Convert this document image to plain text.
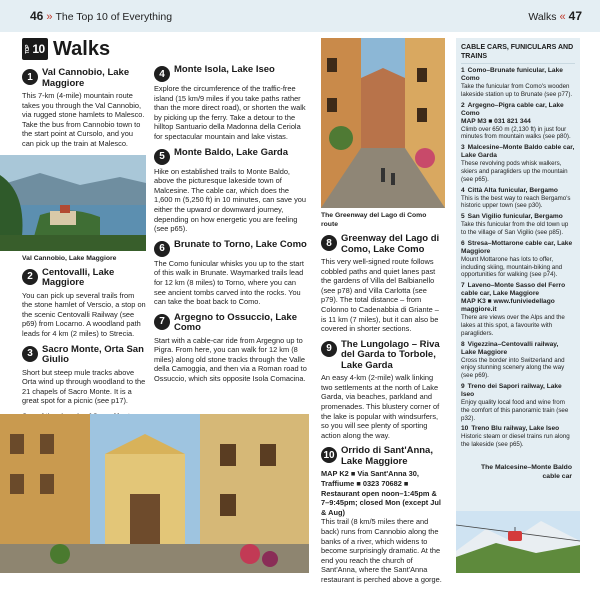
46 » The Top 10 of Everything	Walks « 47
TOP 10 Walks
1 Val Cannobio, Lake Maggiore
This 7-km (4-mile) mountain route takes you through the Val Cannobio, via rugged stone hamlets to Malesco. Take the bus from Cannobio town to the start point at Cursolo, and you can pick up the train at Malesco.
Val Cannobio, Lake Maggiore
2 Centovalli, Lake Maggiore
You can pick up several trails from the stone hamlet of Verscio, a stop on the scenic Centovalli Railway (see p69) from Locarno. A woodland path leads for 4 km (2 miles) to Strecia.
3 Sacro Monte, Orta San Giulio
Short but steep mule tracks above Orta wind up through woodland to the 21 chapels of Sacro Monte. It is a great spot for a picnic (see p17).
4 Monte Isola, Lake Iseo
Explore the circumference of the traffic-free island (15 km/9 miles if you take paths rather than the more direct road), or shorten the walk by picking up the ferry. Take a detour to the hilltop Santuario della Madonna della Ceriola for spectacular mountain and lake vistas.
5 Monte Baldo, Lake Garda
Hike on established trails to Monte Baldo, above the picturesque lakeside town of Malcesine. The cable car, which does the 1,600 m (5,250 ft) in 10 minutes, can save you either the upward or downward journey, depending on how energetic you are feeling (see p65).
6 Brunate to Torno, Lake Como
The Como funicular whisks you up to the start of this walk in Brunate. Waymarked trails lead for 12 km (8 miles) to Torno, where you can see ancient tombs carved into the rocks. You can take the boat back to Como.
7 Argegno to Ossuccio, Lake Como
Start with a cable-car ride from Argegno up to Pigra. From here, you can walk for 12 km (8 miles) along old stone tracks through the Valle della Camoggia, and then via a Roman road to Ossuccio, which sits opposite Isola Comacina.
The Greenway del Lago di Como route
8 Greenway del Lago di Como, Lake Como
This very well-signed route follows cobbled paths and quiet lanes past the gardens of Villa del Balbianello (see p78) and Villa Carlotta (see p79). The total distance – from Colonno to Cadenabbia di Griante – is 11 km (7 miles), but it can also be covered in shorter sections.
9 The Lungolago – Riva del Garda to Torbole, Lake Garda
An easy 4-km (2-mile) walk linking two settlements at the north of Lake Garda, via beaches, parkland and promenades. This blustery corner of the lake is popular with windsurfers, so you will see plenty of sporting action along the way.
10 Orrido di Sant'Anna, Lake Maggiore
MAP K2 ■ Via Sant'Anna 30, Traffiume ■ 0323 70682 ■ Restaurant open noon–1:45pm & 7–9:45pm; closed Mon (except Jul & Aug)
This trail (8 km/5 miles there and back) runs from Cannobio along the banks of a river, which widens to become surprisingly dramatic. At the end you reach the church of Sant'Anna, where the Sant'Anna restaurant is perched above a gorge.
CABLE CARS, FUNICULARS AND TRAINS
1 Como–Brunate funicular, Lake Como
Take the funicular from Como's wooden lakeside station up to Brunate (see p77).
2 Argegno–Pigra cable car, Lake Como
MAP M3 ■ 031 821 344
Climb over 650 m (2,130 ft) in just four minutes from mountain walks (see p80).
3 Malcesine–Monte Baldo cable car, Lake Garda
These revolving pods whisk walkers, skiers and paragliders up the mountain (see p65).
4 Città Alta funicular, Bergamo
This is the best way to reach Bergamo's historic upper town (see p30).
5 San Vigilio funicular, Bergamo
Take this funicular from the old town up to the village of San Vigilio (see p85).
6 Stresa–Mottarone cable car, Lake Maggiore
Mount Mottarone has lots to offer, including skiing, mountain-biking and opportunities for walking (see p74).
7 Laveno–Monte Sasso del Ferro cable car, Lake Maggiore
MAP K3 ■ www.funiviedellago maggiore.it
There are views over the Alps and the lakes at this spot, a favourite with paragliders.
8 Vigezzina–Centovalli railway, Lake Maggiore
Cross the border into Switzerland and enjoy stunning scenery along the way (see p69).
9 Treno dei Sapori railway, Lake Iseo
Enjoy quality local food and wine from the comfort of this panoramic train (see p32).
10 Treno Blu railway, Lake Iseo
Historic steam or diesel trains run along the lakeside (see p65).
The Malcesine–Monte Baldo cable car
